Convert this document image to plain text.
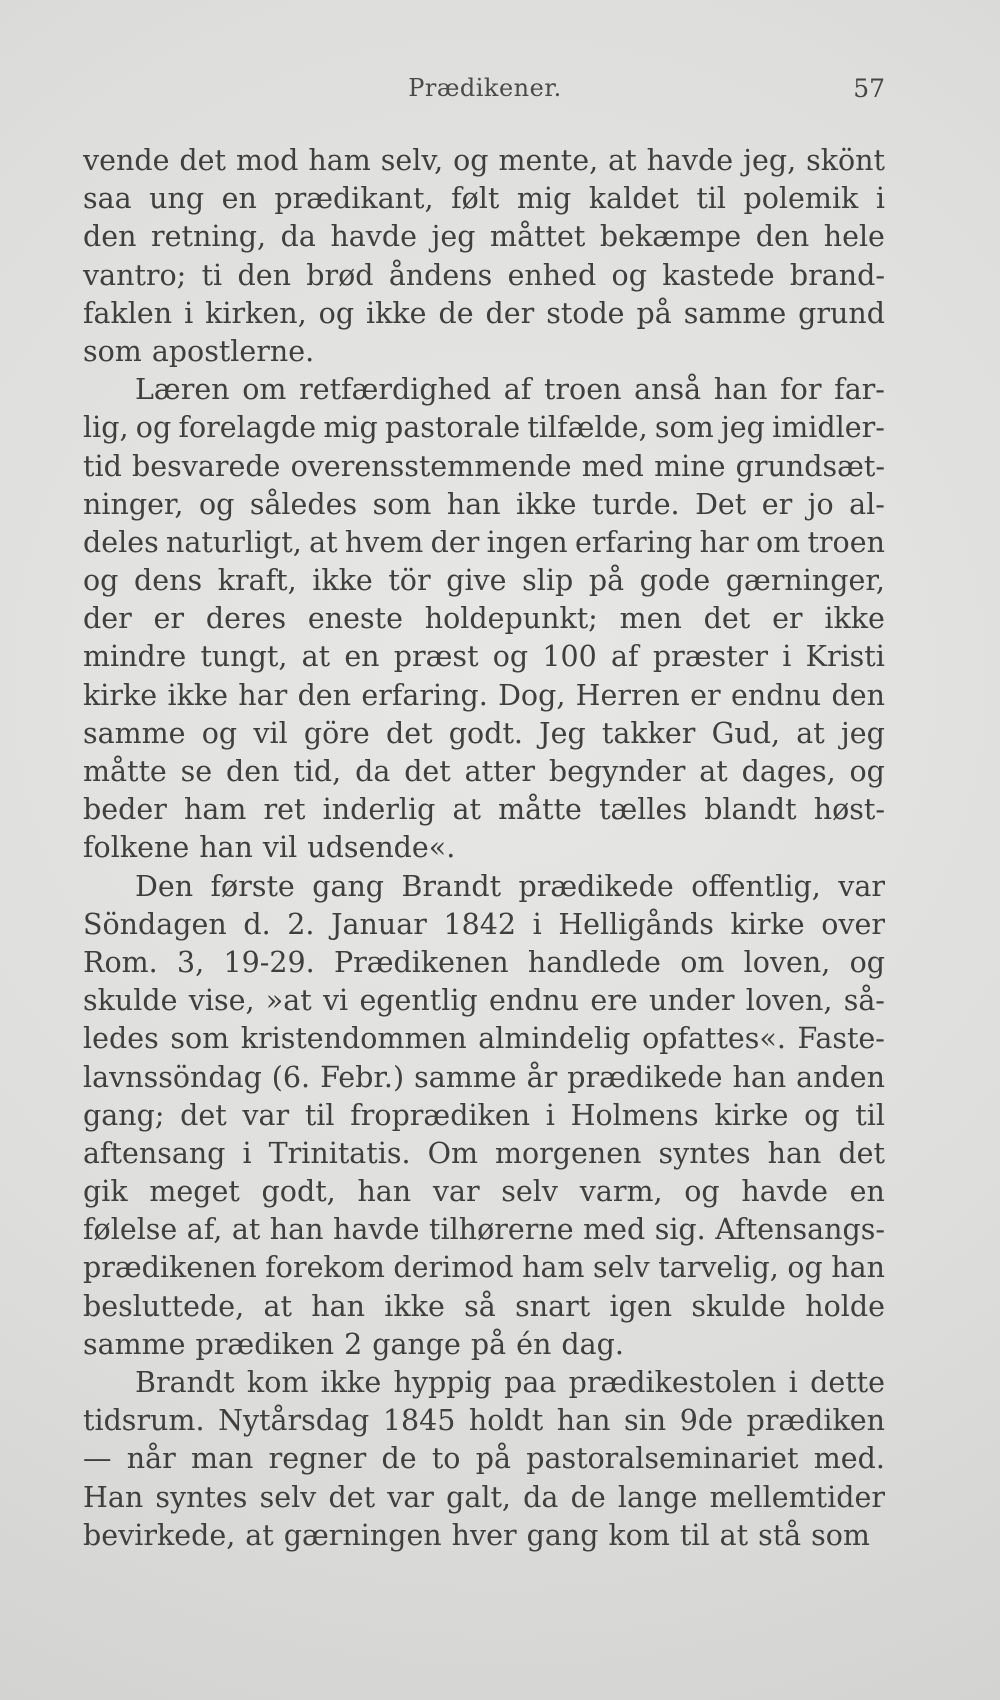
Prædikener.	57
vende det mod ham selv, og mente, at havde jeg, skönt
saa ung en prædikant, følt mig kaldet til polemik i
den retning, da havde jeg måttet bekæmpe den hele
vantro; ti den brød åndens enhed og kastede brand-
faklen i kirken, og ikke de der stode på samme grund
som apostlerne.
Læren om retfærdighed af troen anså han for far-
lig, og forelagde mig pastorale tilfælde, som jeg imidler-
tid besvarede overensstemmende med mine grundsæt-
ninger, og således som han ikke turde. Det er jo al-
deles naturligt, at hvem der ingen erfaring har om troen
og dens kraft, ikke tör give slip på gode gærninger,
der er deres eneste holdepunkt; men det er ikke
mindre tungt, at en præst og 100 af præster i Kristi
kirke ikke har den erfaring. Dog, Herren er endnu den
samme og vil göre det godt. Jeg takker Gud, at jeg
måtte se den tid, da det atter begynder at dages, og
beder ham ret inderlig at måtte tælles blandt høst-
folkene han vil udsende«.
Den første gang Brandt prædikede offentlig, var
Söndagen d. 2. Januar 1842 i Helligånds kirke over
Rom. 3, 19-29. Prædikenen handlede om loven, og
skulde vise, »at vi egentlig endnu ere under loven, så-
ledes som kristendommen almindelig opfattes«. Faste-
lavnssöndag (6. Febr.) samme år prædikede han anden
gang; det var til froprædiken i Holmens kirke og til
aftensang i Trinitatis. Om morgenen syntes han det
gik meget godt, han var selv varm, og havde en
følelse af, at han havde tilhørerne med sig. Aftensangs-
prædikenen forekom derimod ham selv tarvelig, og han
besluttede, at han ikke så snart igen skulde holde
samme prædiken 2 gange på én dag.
Brandt kom ikke hyppig paa prædikestolen i dette
tidsrum. Nytårsdag 1845 holdt han sin 9de prædiken
— når man regner de to på pastoralseminariet med.
Han syntes selv det var galt, da de lange mellemtider
bevirkede, at gærningen hver gang kom til at stå som
